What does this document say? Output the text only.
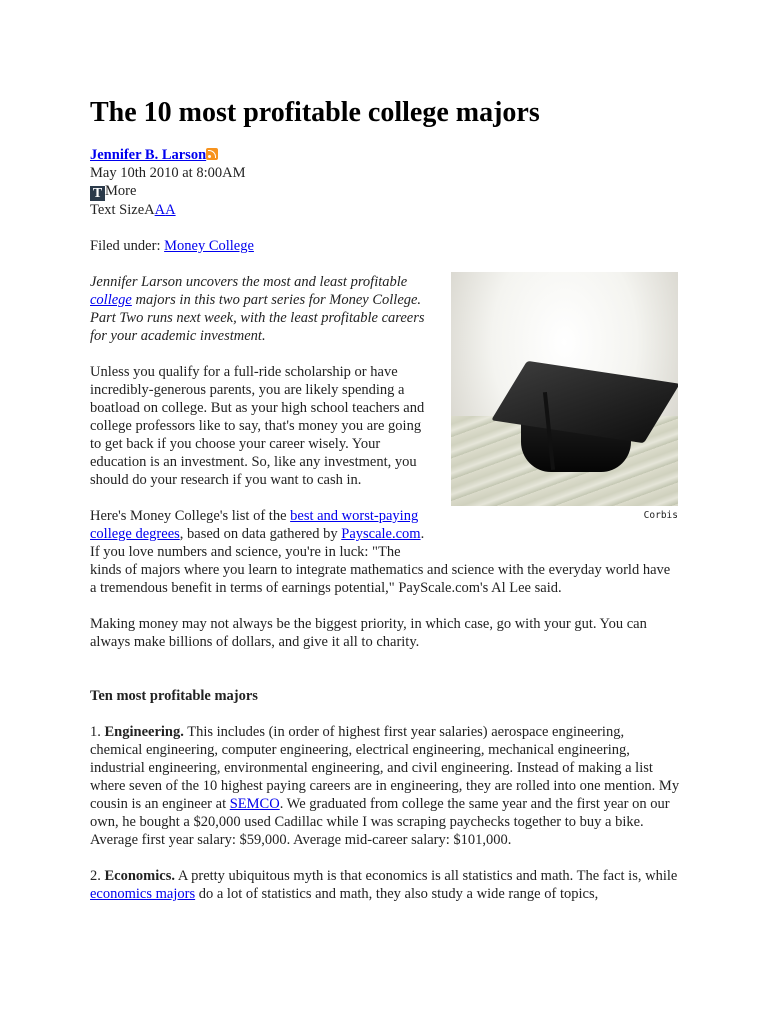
The 10 most profitable college majors
Jennifer B. Larson
May 10th 2010 at 8:00AM
T More
Text SizeAAA
Filed under: Money College
Jennifer Larson uncovers the most and least profitable college majors in this two part series for Money College. Part Two runs next week, with the least profitable careers for your academic investment.
Unless you qualify for a full-ride scholarship or have incredibly-generous parents, you are likely spending a boatload on college. But as your high school teachers and college professors like to say, that's money you are going to get back if you choose your career wisely. Your education is an investment. So, like any investment, you should do your research if you want to cash in.
Here's Money College's list of the best and worst-paying college degrees, based on data gathered by Payscale.com. If you love numbers and science, you're in luck: "The
kinds of majors where you learn to integrate mathematics and science with the everyday world have a tremendous benefit in terms of earnings potential," PayScale.com's Al Lee said.
Making money may not always be the biggest priority, in which case, go with your gut. You can always make billions of dollars, and give it all to charity.
Ten most profitable majors
1. Engineering. This includes (in order of highest first year salaries) aerospace engineering, chemical engineering, computer engineering, electrical engineering, mechanical engineering, industrial engineering, environmental engineering, and civil engineering. Instead of making a list where seven of the 10 highest paying careers are in engineering, they are rolled into one mention. My cousin is an engineer at SEMCO. We graduated from college the same year and the first year on our own, he bought a $20,000 used Cadillac while I was scraping paychecks together to buy a bike.
Average first year salary: $59,000. Average mid-career salary: $101,000.
2. Economics. A pretty ubiquitous myth is that economics is all statistics and math. The fact is, while economics majors do a lot of statistics and math, they also study a wide range of topics,
Corbis
